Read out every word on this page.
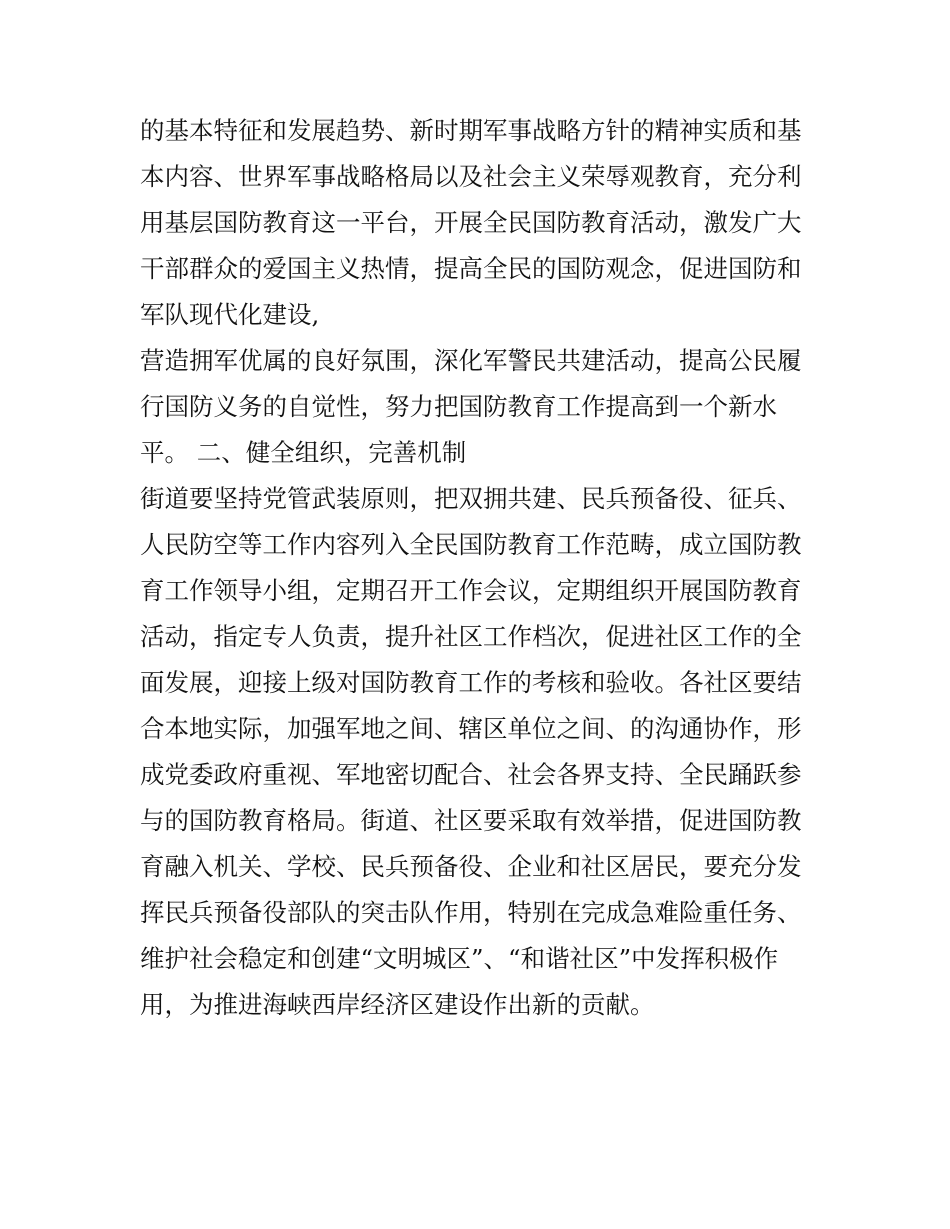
的基本特征和发展趋势、新时期军事战略方针的精神实质和基
本内容、世界军事战略格局以及社会主义荣辱观教育，充分利
用基层国防教育这一平台，开展全民国防教育活动，激发广大
干部群众的爱国主义热情，提高全民的国防观念，促进国防和
军队现代化建设,
营造拥军优属的良好氛围，深化军警民共建活动，提高公民履
行国防义务的自觉性，努力把国防教育工作提高到一个新水
平。 二、健全组织，完善机制
街道要坚持党管武装原则，把双拥共建、民兵预备役、征兵、
人民防空等工作内容列入全民国防教育工作范畴，成立国防教
育工作领导小组，定期召开工作会议，定期组织开展国防教育
活动，指定专人负责，提升社区工作档次，促进社区工作的全
面发展，迎接上级对国防教育工作的考核和验收。各社区要结
合本地实际，加强军地之间、辖区单位之间、的沟通协作，形
成党委政府重视、军地密切配合、社会各界支持、全民踊跃参
与的国防教育格局。街道、社区要采取有效举措，促进国防教
育融入机关、学校、民兵预备役、企业和社区居民，要充分发
挥民兵预备役部队的突击队作用，特别在完成急难险重任务、
维护社会稳定和创建“文明城区”、“和谐社区”中发挥积极作
用，为推进海峡西岸经济区建设作出新的贡献。
